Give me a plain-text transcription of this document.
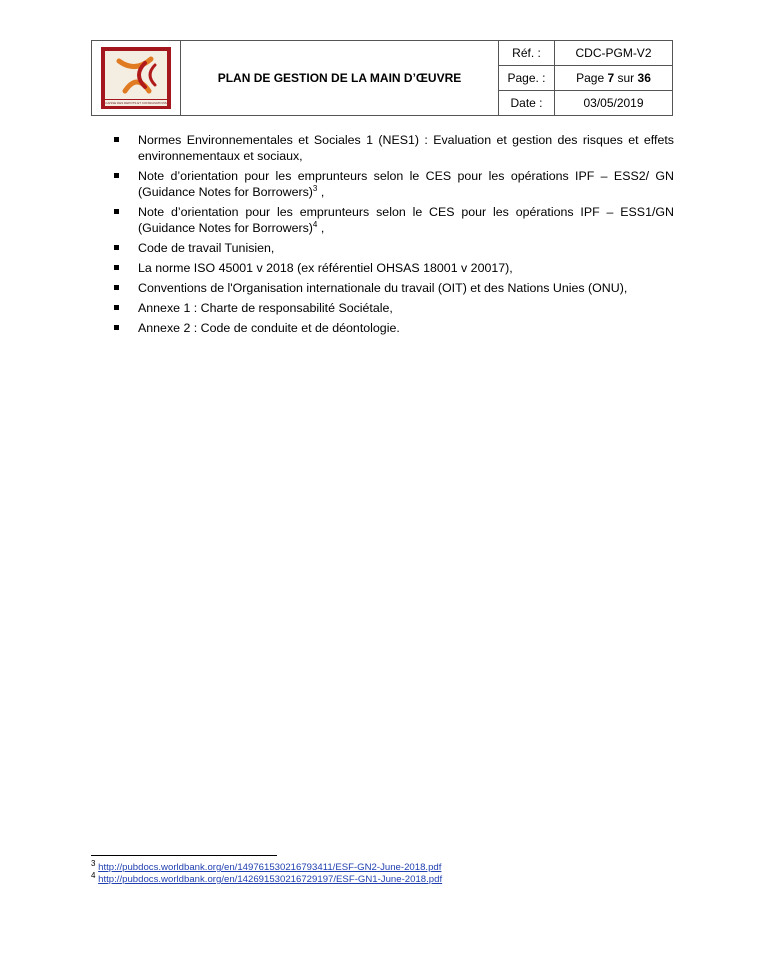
CAISSE DES DEPOTS ET CONSIGNATIONS	PLAN DE GESTION DE LA MAIN D’ŒUVRE	Réf. :	CDC-PGM-V2
		Page. :	Page 7 sur 36
		Date :	03/05/2019
Normes Environnementales et Sociales 1 (NES1) : Evaluation et gestion des risques et effets environnementaux et sociaux,
Note d’orientation pour les emprunteurs selon le CES pour les opérations IPF – ESS2/ GN (Guidance Notes for Borrowers)$^3$ ,
Note d’orientation pour les emprunteurs selon le CES pour les opérations IPF – ESS1/GN (Guidance Notes for Borrowers)$^4$ ,
Code de travail Tunisien,
La norme ISO 45001 v 2018 (ex référentiel OHSAS 18001 v 20017),
Conventions de l'Organisation internationale du travail (OIT) et des Nations Unies (ONU),
Annexe 1 : Charte de responsabilité Sociétale,
Annexe 2 : Code de conduite et de déontologie.
$^3$ http://pubdocs.worldbank.org/en/149761530216793411/ESF-GN2-June-2018.pdf
$^4$ http://pubdocs.worldbank.org/en/142691530216729197/ESF-GN1-June-2018.pdf
